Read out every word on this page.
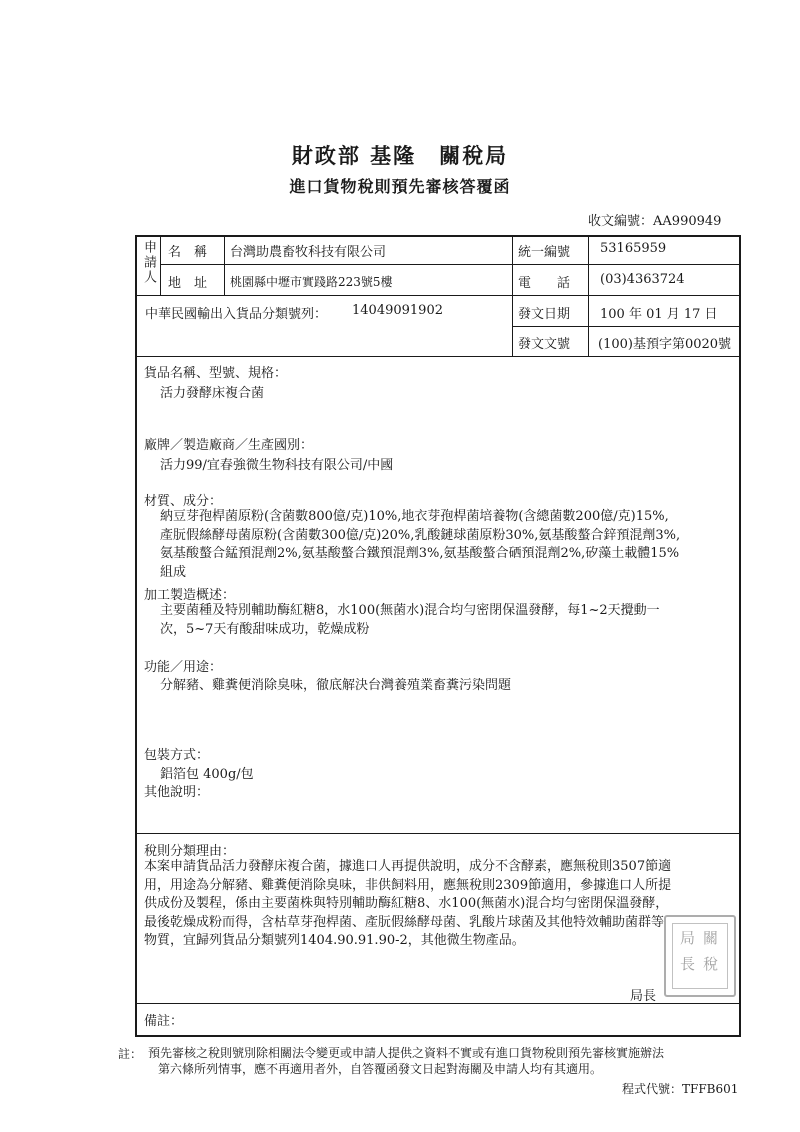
財政部 基隆　關稅局
進口貨物稅則預先審核答覆函
收文編號：AA990949
申請人 名　稱 台灣助農畜牧科技有限公司	統一編號 53165959
地　址 桃園縣中壢市實踐路223號5樓	電　　話 (03)4363724
中華民國輸出入貨品分類號列： 14049091902	發文日期 100 年 01 月 17 日
發文文號 (100)基預字第0020號
貨品名稱、型號、規格：
活力發酵床複合菌
廠牌／製造廠商／生產國別：
活力99/宜春強微生物科技有限公司/中國
材質、成分：
納豆芽孢桿菌原粉(含菌數800億/克)10%,地衣芽孢桿菌培養物(含總菌數200億/克)15%,
產朊假絲酵母菌原粉(含菌數300億/克)20%,乳酸鏈球菌原粉30%,氨基酸螯合鋅預混劑3%,
氨基酸螯合錳預混劑2%,氨基酸螯合鐵預混劑3%,氨基酸螯合硒預混劑2%,矽藻土載體15%
組成
加工製造概述：
主要菌種及特別輔助酶紅糖8，水100(無菌水)混合均勻密閉保溫發酵，每1~2天攪動一
次，5~7天有酸甜味成功，乾燥成粉
功能／用途：
分解豬、雞糞便消除臭味，徹底解決台灣養殖業畜糞污染問題
包裝方式：
鋁箔包 400g/包
其他說明：
稅則分類理由：
本案申請貨品活力發酵床複合菌，據進口人再提供說明，成分不含酵素，應無稅則3507節適
用，用途為分解豬、雞糞便消除臭味，非供飼料用，應無稅則2309節適用，參據進口人所提
供成份及製程，係由主要菌株與特別輔助酶紅糖8、水100(無菌水)混合均勻密閉保溫發酵，
最後乾燥成粉而得，含枯草芽孢桿菌、產朊假絲酵母菌、乳酸片球菌及其他特效輔助菌群等
物質，宜歸列貨品分類號列1404.90.91.90-2，其他微生物產品。	關
稅
局
長
局長
備註：
註： 預先審核之稅則號別除相關法令變更或申請人提供之資料不實或有進口貨物稅則預先審核實施辦法
第六條所列情事，應不再適用者外，自答覆函發文日起對海關及申請人均有其適用。
程式代號：TFFB601
